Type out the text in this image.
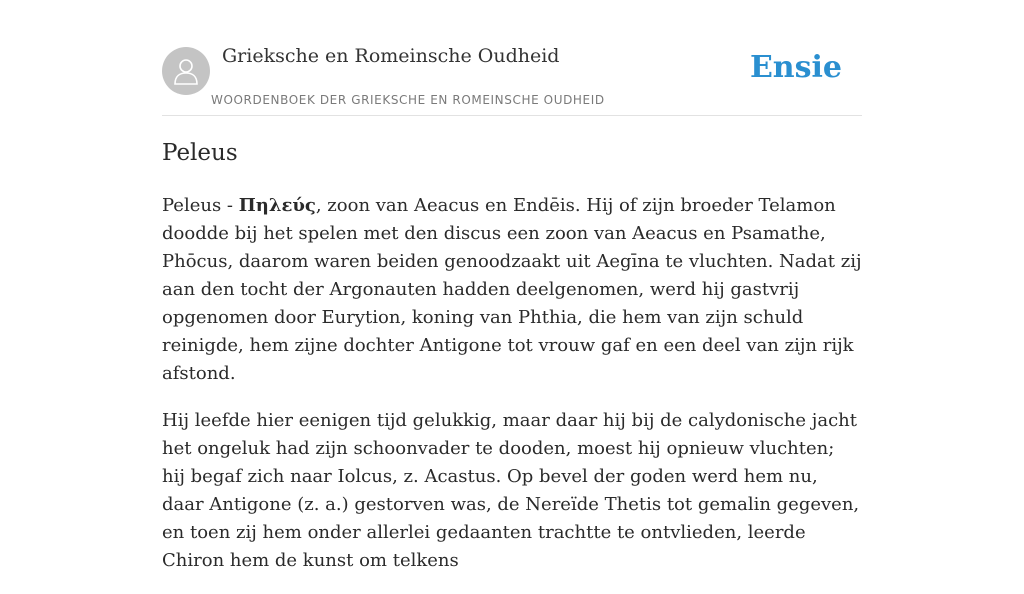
Grieksche en Romeinsche Oudheid
WOORDENBOEK DER GRIEKSCHE EN ROMEINSCHE OUDHEID
Ensie
Peleus

Peleus - Πηλεύς, zoon van Aeacus en Endēis. Hij of zijn broeder Telamon doodde bij het spelen met den discus een zoon van Aeacus en Psamathe, Phōcus, daarom waren beiden genoodzaakt uit Aegīna te vluchten. Nadat zij aan den tocht der Argonauten hadden deelgenomen, werd hij gastvrij opgenomen door Eurytion, koning van Phthia, die hem van zijn schuld reinigde, hem zijne dochter Antigone tot vrouw gaf en een deel van zijn rijk afstond.

Hij leefde hier eenigen tijd gelukkig, maar daar hij bij de calydonische jacht het ongeluk had zijn schoonvader te dooden, moest hij opnieuw vluchten; hij begaf zich naar Iolcus, z. Acastus. Op bevel der goden werd hem nu, daar Antigone (z. a.) gestorven was, de Nereïde Thetis tot gemalin gegeven, en toen zij hem onder allerlei gedaanten trachtte te ontvlieden, leerde Chiron hem de kunst om telkens
